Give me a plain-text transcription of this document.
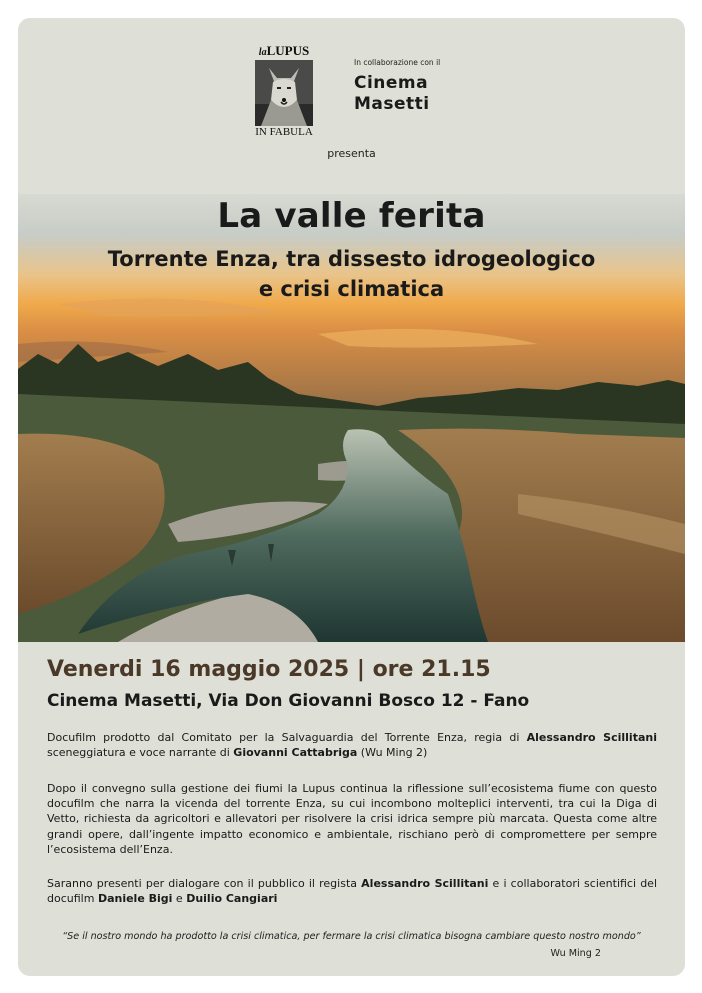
laLUPUS
IN FABULA
In collaborazione con il
Cinema
Masetti
presenta
La valle ferita
Torrente Enza, tra dissesto idrogeologico
e crisi climatica
Venerdi 16 maggio 2025 | ore 21.15
Cinema Masetti, Via Don Giovanni Bosco 12 - Fano
Docufilm prodotto dal Comitato per la Salvaguardia del Torrente Enza, regia di Alessandro Scillitani sceneggiatura e voce narrante di Giovanni Cattabriga (Wu Ming 2)
Dopo il convegno sulla gestione dei fiumi la Lupus continua la riflessione sull’ecosistema fiume con questo docufilm che narra la vicenda del torrente Enza, su cui incombono molteplici interventi, tra cui la Diga di Vetto, richiesta da agricoltori e allevatori per risolvere la crisi idrica sempre più marcata. Questa come altre grandi opere, dall’ingente impatto economico e ambientale, rischiano però di compromettere per sempre l’ecosistema dell’Enza.
Saranno presenti per dialogare con il pubblico il regista Alessandro Scillitani e i collaboratori scientifici del docufilm Daniele Bigi e Duilio Cangiari
“Se il nostro mondo ha prodotto la crisi climatica, per fermare la crisi climatica bisogna cambiare questo nostro mondo”
Wu Ming 2
